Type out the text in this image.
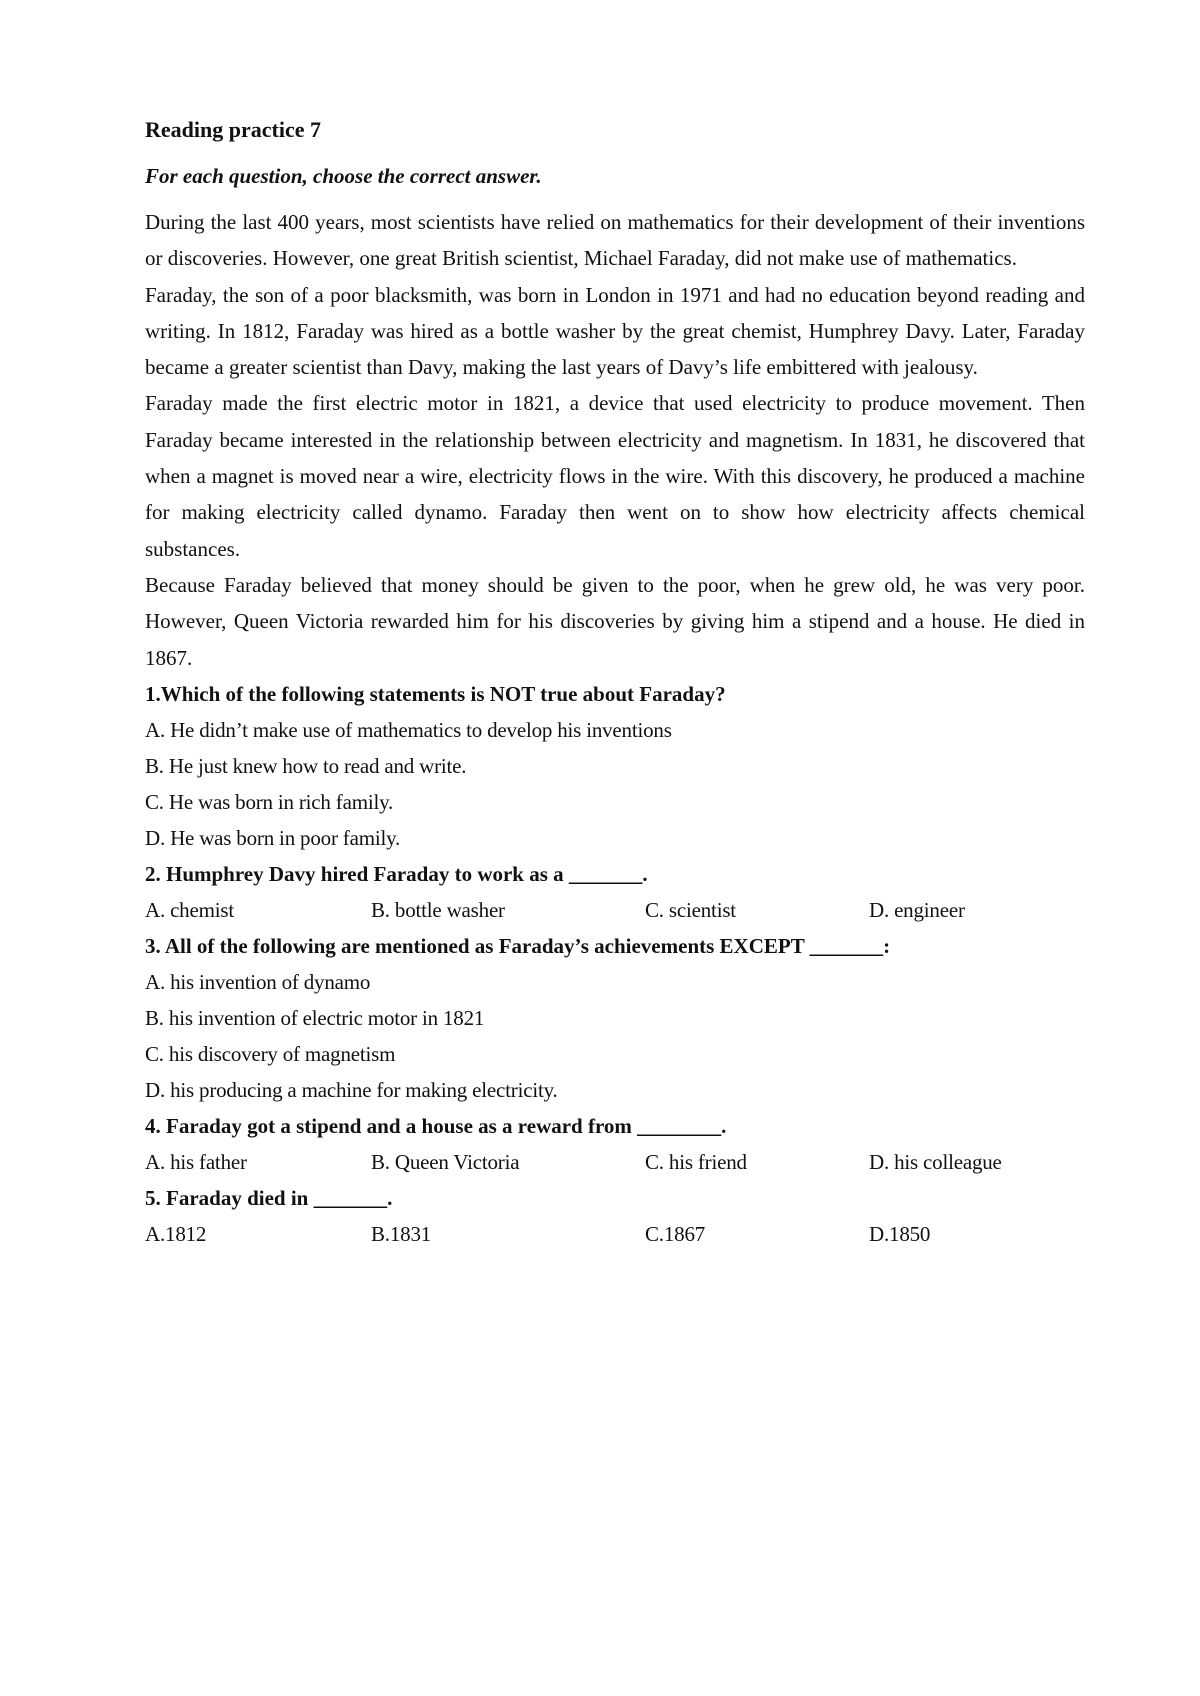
Reading practice 7
For each question, choose the correct answer.

During the last 400 years, most scientists have relied on mathematics for their development of their inventions or discoveries. However, one great British scientist, Michael Faraday, did not make use of mathematics.

Faraday, the son of a poor blacksmith, was born in London in 1971 and had no education beyond reading and writing. In 1812, Faraday was hired as a bottle washer by the great chemist, Humphrey Davy. Later, Faraday became a greater scientist than Davy, making the last years of Davy’s life embittered with jealousy.

Faraday made the first electric motor in 1821, a device that used electricity to produce movement. Then Faraday became interested in the relationship between electricity and magnetism. In 1831, he discovered that when a magnet is moved near a wire, electricity flows in the wire. With this discovery, he produced a machine for making electricity called dynamo. Faraday then went on to show how electricity affects chemical substances.

Because Faraday believed that money should be given to the poor, when he grew old, he was very poor. However, Queen Victoria rewarded him for his discoveries by giving him a stipend and a house. He died in 1867.

1.Which of the following statements is NOT true about Faraday?

A. He didn’t make use of mathematics to develop his inventions

B. He just knew how to read and write.

C. He was born in rich family.

D. He was born in poor family.

2. Humphrey Davy hired Faraday to work as a _______.

A. chemist	B. bottle washer	C. scientist	D. engineer

3. All of the following are mentioned as Faraday’s achievements EXCEPT _______:

A. his invention of dynamo

B. his invention of electric motor in 1821

C. his discovery of magnetism

D. his producing a machine for making electricity.

4. Faraday got a stipend and a house as a reward from ________.

A. his father	B. Queen Victoria	C. his friend	D. his colleague

5. Faraday died in _______.

A.1812	B.1831	C.1867	D.1850
